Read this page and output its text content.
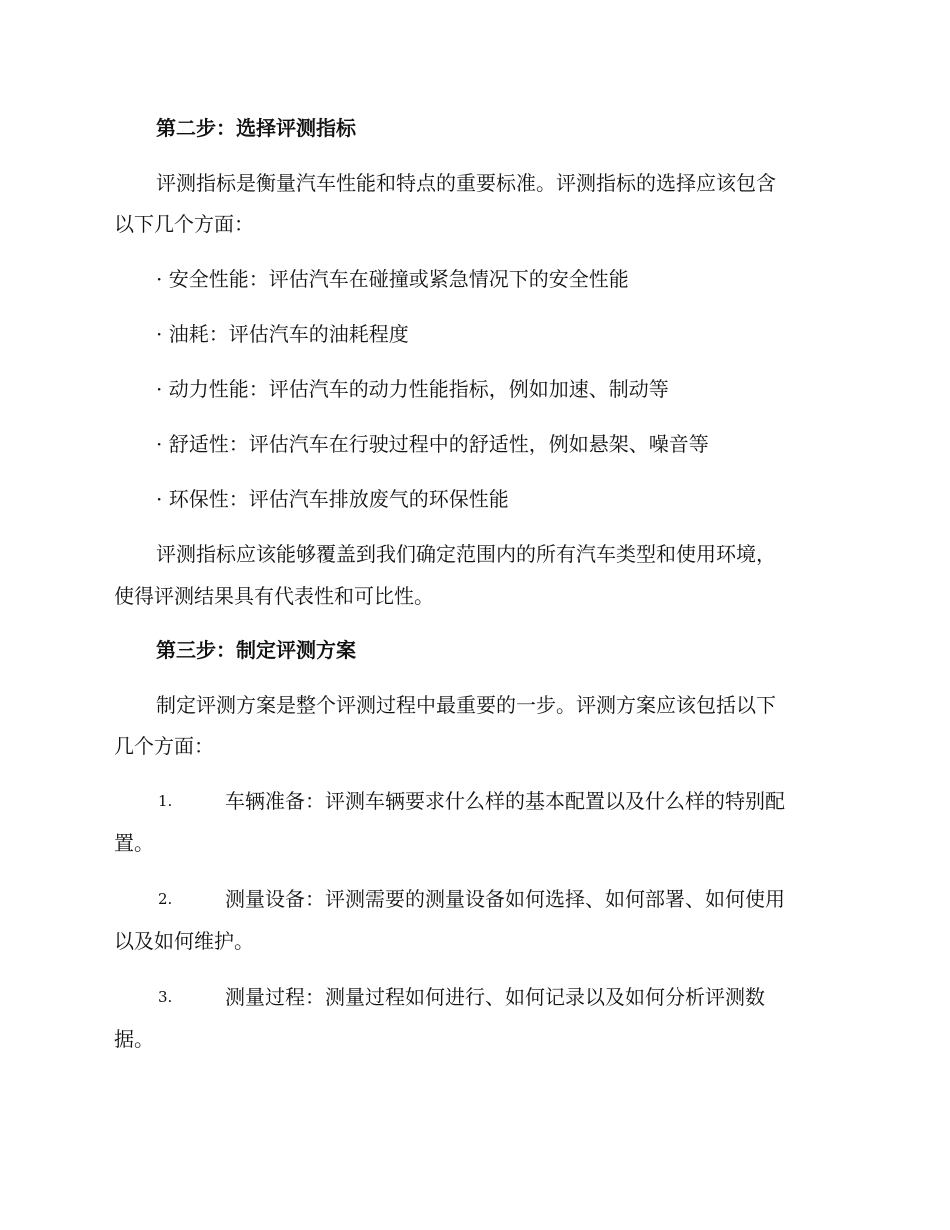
第二步：选择评测指标
评测指标是衡量汽车性能和特点的重要标准。评测指标的选择应该包含
以下几个方面：
· 安全性能：评估汽车在碰撞或紧急情况下的安全性能
· 油耗：评估汽车的油耗程度
· 动力性能：评估汽车的动力性能指标，例如加速、制动等
· 舒适性：评估汽车在行驶过程中的舒适性，例如悬架、噪音等
· 环保性：评估汽车排放废气的环保性能
评测指标应该能够覆盖到我们确定范围内的所有汽车类型和使用环境，
使得评测结果具有代表性和可比性。
第三步：制定评测方案
制定评测方案是整个评测过程中最重要的一步。评测方案应该包括以下
几个方面：
1.	车辆准备：评测车辆要求什么样的基本配置以及什么样的特别配
置。
2.	测量设备：评测需要的测量设备如何选择、如何部署、如何使用
以及如何维护。
3.	测量过程：测量过程如何进行、如何记录以及如何分析评测数
据。
